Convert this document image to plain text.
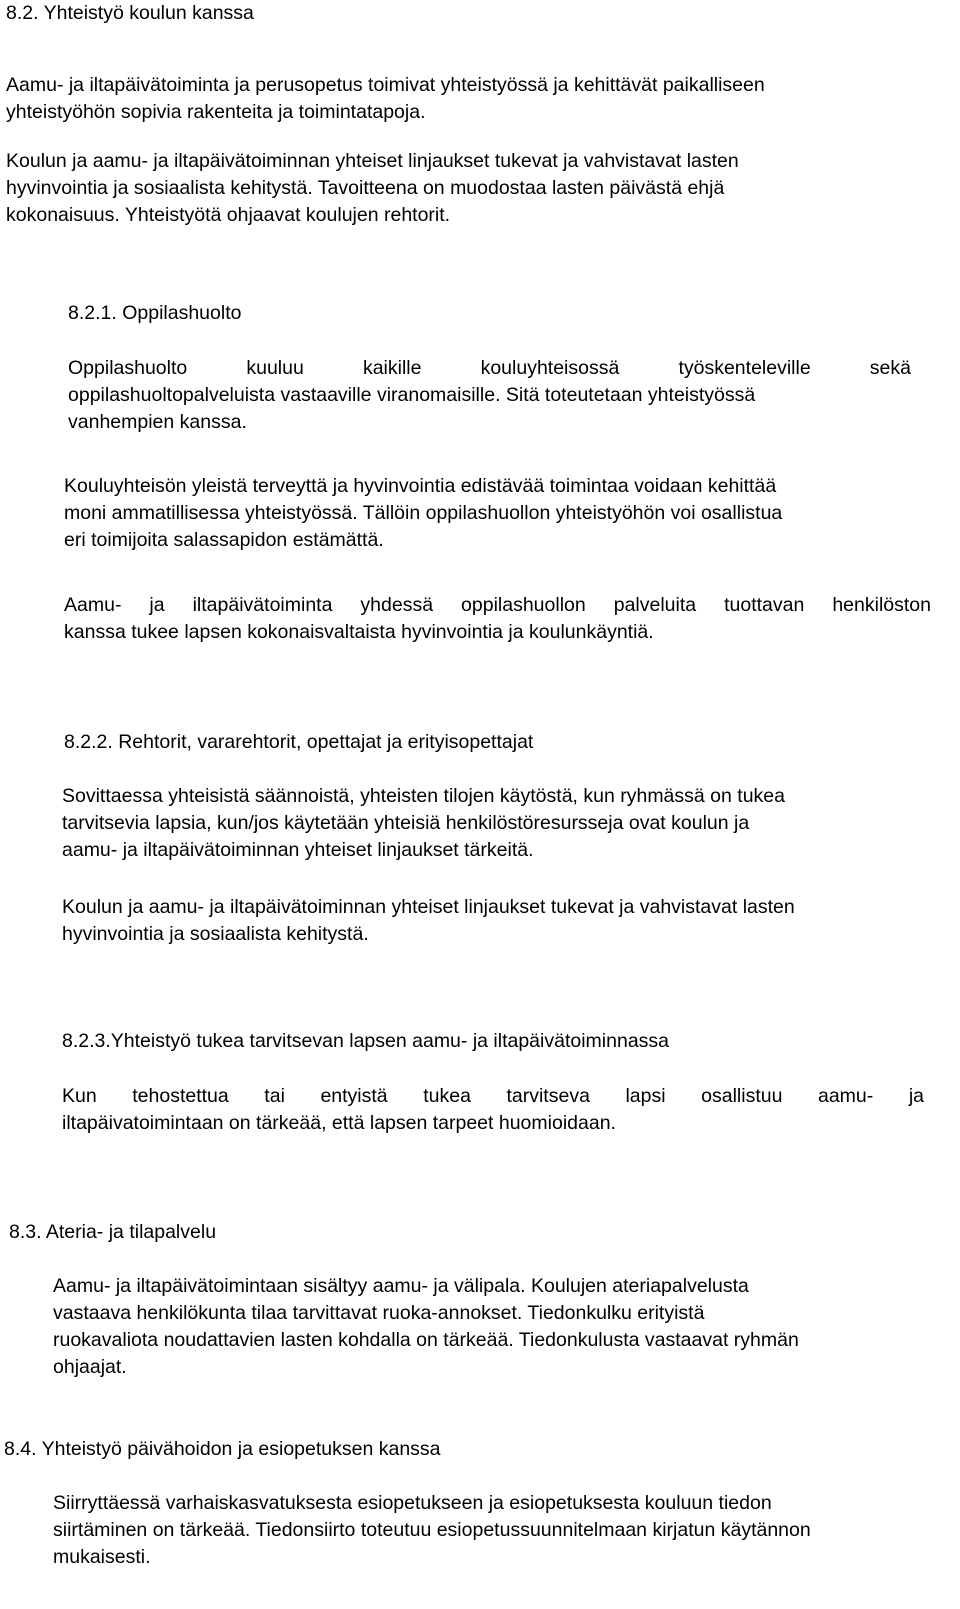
8.2. Yhteistyö koulun kanssa
Aamu- ja iltapäivätoiminta ja perusopetus toimivat yhteistyössä ja kehittävät paikalliseen
yhteistyöhön sopivia rakenteita ja toimintatapoja.
Koulun ja aamu- ja iltapäivätoiminnan yhteiset linjaukset tukevat ja vahvistavat lasten
hyvinvointia ja sosiaalista kehitystä. Tavoitteena on muodostaa lasten päivästä ehjä
kokonaisuus. Yhteistyötä ohjaavat koulujen rehtorit.
8.2.1. Oppilashuolto
Oppilashuolto kuuluu kaikille kouluyhteisossä työskenteleville sekä
oppilashuoltopalveluista vastaaville viranomaisille. Sitä toteutetaan yhteistyössä
vanhempien kanssa.
Kouluyhteisön yleistä terveyttä ja hyvinvointia edistävää toimintaa voidaan kehittää
moni ammatillisessa yhteistyössä. Tällöin oppilashuollon yhteistyöhön voi osallistua
eri toimijoita salassapidon estämättä.
Aamu- ja iltapäivätoiminta yhdessä oppilashuollon palveluita tuottavan henkilöston
kanssa tukee lapsen kokonaisvaltaista hyvinvointia ja koulunkäyntiä.
8.2.2. Rehtorit, vararehtorit, opettajat ja erityisopettajat
Sovittaessa yhteisistä säännoistä, yhteisten tilojen käytöstä, kun ryhmässä on tukea
tarvitsevia lapsia, kun/jos käytetään yhteisiä henkilöstöresursseja ovat koulun ja
aamu- ja iltapäivätoiminnan yhteiset linjaukset tärkeitä.
Koulun ja aamu- ja iltapäivätoiminnan yhteiset linjaukset tukevat ja vahvistavat lasten
hyvinvointia ja sosiaalista kehitystä.
8.2.3.Yhteistyö tukea tarvitsevan lapsen aamu- ja iltapäivätoiminnassa
Kun tehostettua tai entyistä tukea tarvitseva lapsi osallistuu aamu- ja
iltapäivatoimintaan on tärkeää, että lapsen tarpeet huomioidaan.
8.3. Ateria- ja tilapalvelu
Aamu- ja iltapäivätoimintaan sisältyy aamu- ja välipala. Koulujen ateriapalvelusta
vastaava henkilökunta tilaa tarvittavat ruoka-annokset. Tiedonkulku erityistä
ruokavaliota noudattavien lasten kohdalla on tärkeää. Tiedonkulusta vastaavat ryhmän
ohjaajat.
8.4. Yhteistyö päivähoidon ja esiopetuksen kanssa
Siirryttäessä varhaiskasvatuksesta esiopetukseen ja esiopetuksesta kouluun tiedon
siirtäminen on tärkeää. Tiedonsiirto toteutuu esiopetussuunnitelmaan kirjatun käytännon
mukaisesti.
